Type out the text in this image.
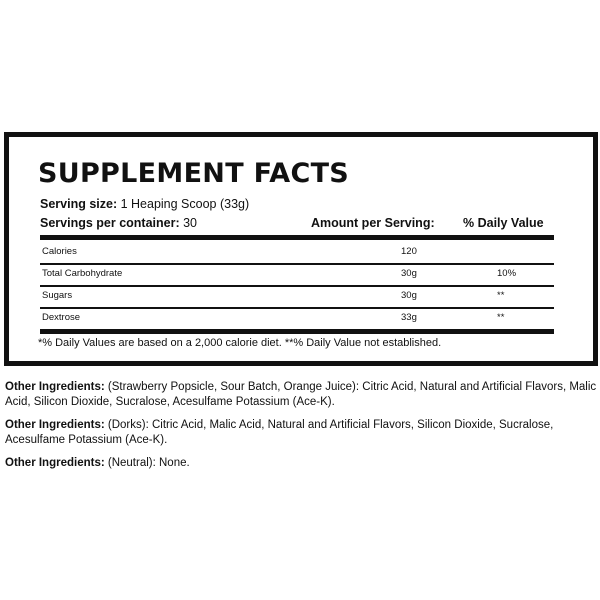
SUPPLEMENT FACTS
Serving size: 1 Heaping Scoop (33g)
Servings per container: 30	Amount per Serving: % Daily Value
Calories	120
Total Carbohydrate	30g	10%
Sugars	30g	**
Dextrose	33g	**
*% Daily Values are based on a 2,000 calorie diet. **% Daily Value not established.

Other Ingredients: (Strawberry Popsicle, Sour Batch, Orange Juice): Citric Acid, Natural and Artificial Flavors, Malic Acid, Silicon Dioxide, Sucralose, Acesulfame Potassium (Ace-K).

Other Ingredients: (Dorks): Citric Acid, Malic Acid, Natural and Artificial Flavors, Silicon Dioxide, Sucralose, Acesulfame Potassium (Ace-K).

Other Ingredients: (Neutral): None.
